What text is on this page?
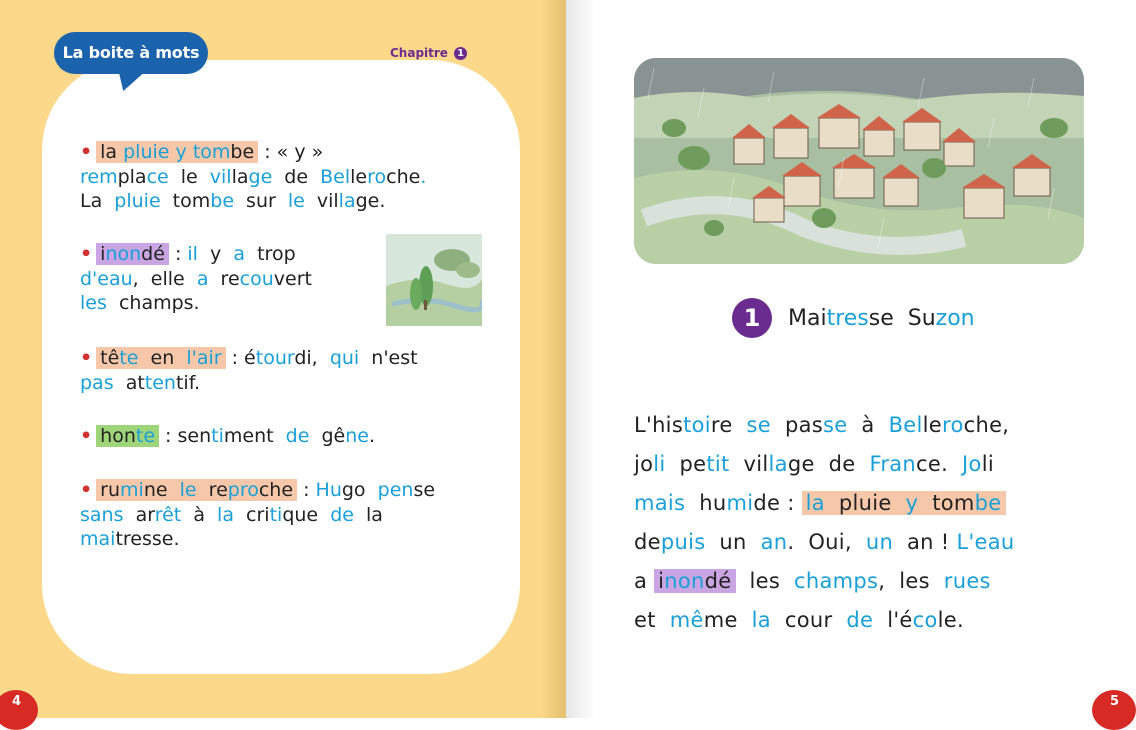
La boite à mots	Chapitre 1
• la pluie y tombe : « y »
remplace le village de Belleroche.
La pluie tombe sur le village.
• inondé : il  y  a  trop
d'eau,  elle  a  recouvert
les  champs.
• tête  en  l'air : étourdi,  qui  n'est
pas  attentif.
• honte : sentiment  de  gêne.
• rumine  le  reproche : Hugo  pense
sans  arrêt  à  la  critique  de  la
maitresse.
1	Maitresse  Suzon
L'histoire  se  passe  à  Belleroche,
joli  petit  village  de  France.  Joli
mais  humide : la  pluie  y  tombe
depuis  un  an.  Oui,  un  an ! L'eau
a inondé  les  champs,  les  rues
et  même  la  cour  de  l'école.
4	5
